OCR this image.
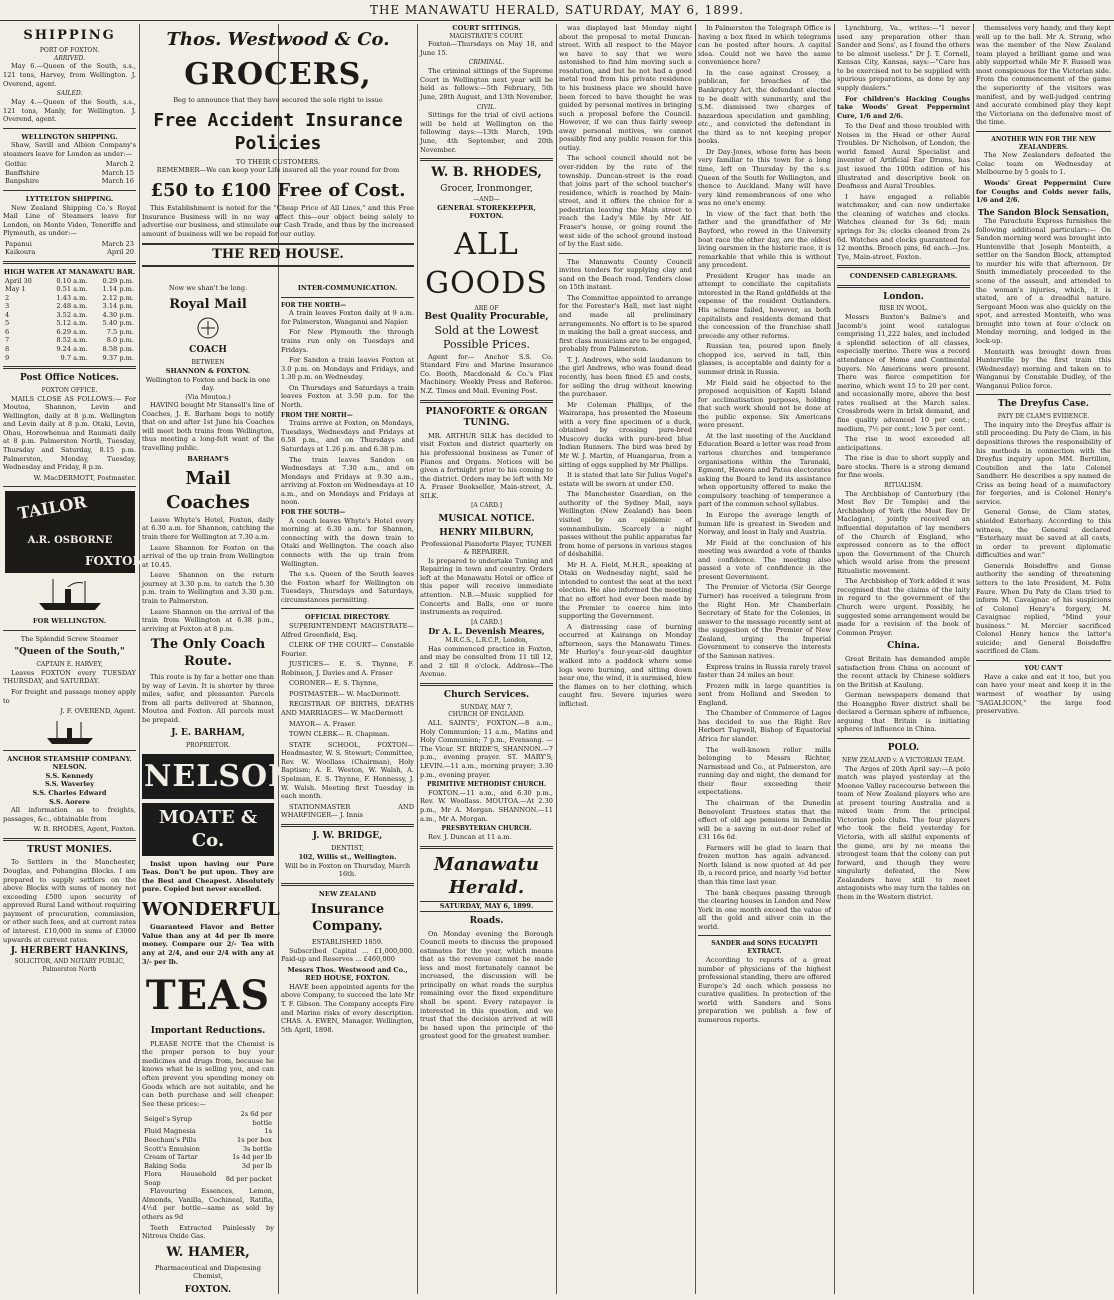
THE MANAWATU HERALD, SATURDAY, MAY 6, 1899.
SHIPPING
PORT OF FOXTON.
ARRIVED.
May 6.—Queen of the South, s.s., 121 tons, Harvey, from Wellington. J. Overend, agent.
SAILED.
May 4.—Queen of the South, s.s., 121 tons, Manly, for Wellington. J. Overend, agent.
WELLINGTON SHIPPING.
Shaw, Savill and Albion Company's steamers leave for London as under:—
Gothic	March 2
Banffshire	March 15
Banpshire	March 16
LYTTELTON SHIPPING.
New Zealand Shipping Co.'s Royal Mail Line of Steamers leave for London, on Monte Video, Teneriffe and Plymouth, as under:—
Papanui	March 23
Kaikoura	April 20
HIGH WATER AT MANAWATU BAR.
April 30	0.10 a.m.	0.29 p.m.
May 1	0.51 a.m.	1.14 p.m.
2	1.43 a.m.	2.12 p.m.
3	2.48 a.m.	3.14 p.m.
4	3.52 a.m.	4.30 p.m.
5	5.12 a.m.	5.40 p.m.
6	6.29 a.m.	7.5 p.m.
7	8.52 a.m.	8.0 p.m.
8	9.24 a.m.	8.58 p.m.
9	9.7 a.m.	9.37 p.m.
Post Office Notices.
FOXTON OFFICE.
MAILS CLOSE AS FOLLOWS:— For Moutoa, Shannon, Levin and Wellington, daily at 8 p.m. Wellington and Levin daily at 8 p.m. Otaki, Levin, Ohau, Horowhenua and Raumati daily at 8 p.m. Palmerston North, Tuesday, Thursday and Saturday, 8.15 p.m. Palmerston, Monday, Tuesday, Wednesday and Friday, 8 p.m.
W. MacDERMOTT, Postmaster.
TAILOR
A.R. OSBORNE
FOXTON
FOR WELLINGTON.
The Splendid Screw Steamer
"Queen of the South,"
CAPTAIN E. HARVEY,
Leaves FOXTON every TUESDAY THURSDAY, and SATURDAY.
For freight and passage money apply to
J. F. OVEREND, Agent.
ANCHOR STEAMSHIP COMPANY.
NELSON.
S.S. Kennedy
S.S. Waverley
S.S. Charles Edward
S.S. Aorere
All information as to freights, passages, &c., obtainable from
W. B. RHODES, Agent, Foxton.
TRUST MONIES.
To Settlers in the Manchester, Douglas, and Pohangina Blocks. I am prepared to supply settlers on the above Blocks with sums of money not exceeding £500 upon security of approved Rural Land without requiring payment of procuration, commission, or other such fees, and at current rates of interest. £10,000 in sums of £3000 upwards at current rates.
J. HERBERT HANKINS,
SOLICITOR, AND NOTARY PUBLIC, Palmerston North
Thos. Westwood & Co.
GROCERS,
Beg to announce that they have secured the sole right to issue
Free Accident Insurance Policies
TO THEIR CUSTOMERS.
REMEMBER—We can keep your Life insured all the year round for from
£50 to £100 Free of Cost.
This Establishment is noted for the "Cheap Price of All Lines," and this Free Insurance Business will in no way affect this—our object being solely to advertise our business, and stimulate our Cash Trade, and thus by the increased amount of business will we be repaid for our outlay.
THE RED HOUSE.
Now we shan't be long.
Royal Mail
COACH
BETWEEN
SHANNON & FOXTON.
Wellington to Foxton and back in one day.
(Via Moutoa.)
HAVING bought Mr Stansell's line of Coaches, J. E. Barham begs to notify that on and after 1st June his Coaches will meet both trains from Wellington, thus meeting a long-felt want of the travelling public.
BARHAM'S
Mail Coaches
Leave Whyte's Hotel, Foxton, daily at 6.30 a.m. for Shannon, catching the train there for Wellington at 7.30 a.m.
Leave Shannon for Foxton on the arrival of the up train from Wellington at 10.45.
Leave Shannon on the return journey at 3.30 p.m. to catch the 5.30 p.m. train to Wellington and 3.30 p.m. train to Palmerston.
Leave Shannon on the arrival of the train from Wellington at 6.38 p.m., arriving at Foxton at 8 p.m.
The Only Coach Route.
This route is by far a better one than by way of Levin. It is shorter by three miles, safer, and pleasanter. Parcels from all parts delivered at Shannon, Moutoa and Foxton. All parcels must be prepaid.
J. E. BARHAM,
PROPRIETOR.
NELSON
MOATE & Co.
Insist upon having our Pure Teas. Don't be put upon. They are the Best and Cheapest. Absolutely pure. Copied but never excelled.
WONDERFUL
Guaranteed Flavor and Better Value than any at 4d per lb more money. Compare our 2/- Tea with any at 2/4, and our 2/4 with any at 3/- per lb.
TEAS
Important Reductions.
PLEASE NOTE that the Chemist is the proper person to buy your medicines and drugs from, because he knows what he is selling you, and can often prevent you spending money on Goods which are not suitable, and he can both purchase and sell cheaper. See these prices:—
Seigel's Syrup	2s 6d per bottle
Fluid Magnesia	1s
Beecham's Pills	1s per box
Scott's Emulsion	3s bottle
Cream of Tartar	1s 4d per lb
Baking Soda	3d per lb
Flora Household Soap	8d per packet
Flavouring Essences, Lemon, Almonds, Vanilla, Cochineal, Ratifia, 4½d per bottle—same as sold by others as 9d
Teeth Extracted Painlessly by Nitrous Oxide Gas.
W. HAMER,
Pharmaceutical and Dispensing Chemist,
FOXTON.
INTER-COMMUNICATION.
FOR THE NORTH—
A train leaves Foxton daily at 9 a.m. for Palmerston, Wanganui and Napier.
For New Plymouth the through trains run only on Tuesdays and Fridays.
For Sandon a train leaves Foxton at 3.0 p.m. on Mondays and Fridays, and 1.30 p.m. on Wednesday.
On Thursdays and Saturdays a train leaves Foxton at 3.50 p.m. for the North.
FROM THE NORTH—
Trains arrive at Foxton, on Mondays, Tuesdays, Wednesdays and Fridays at 6.58 p.m., and on Thursdays and Saturdays at 1.26 p.m. and 6.38 p.m.
The train leaves Sandon on Wednesdays at 7.30 a.m., and on Mondays and Fridays at 9.30 a.m., arriving at Foxton on Wednesdays at 10 a.m., and on Mondays and Fridays at noon.
FOR THE SOUTH—
A coach leaves Whyte's Hotel every morning at 6.30 a.m. for Shannon, connecting with the down train to Otaki and Wellington. The coach also connects with the up train from Wellington.
The s.s. Queen of the South leaves the Foxton wharf for Wellington on Tuesdays, Thursdays and Saturdays, circumstances permitting.
OFFICIAL DIRECTORY.
SUPERINTENDENT MAGISTRATE— Alfred Greenfield, Esq.
CLERK OF THE COURT— Constable Fourier.
JUSTICES— E. S. Thynne, F. Robinson, J. Davies and A. Fraser
CORONER— E. S. Thynne,
POSTMASTER— W. MacDermott.
REGISTRAR OF BIRTHS, DEATHS AND MARRIAGES— W. MacDermott
MAYOR— A. Fraser.
TOWN CLERK— R. Chapman.
STATE SCHOOL, FOXTON— Headmaster, W. S. Stewart; Committee, Rev. W. Woollass (Chairman), Holy Baptism; A. E. Weston, W. Walsh, A. Spelman, E. S. Thynne, F. Hennessy, J. W. Walsh. Meeting first Tuesday in each month.
STATIONMASTER AND WHARFINGER— J. Innis
J. W. BRIDGE,
DENTIST,
102, Willis st., Wellington.
Will be in Foxton on Thursday, March 16th.
NEW ZEALAND
Insurance Company.
ESTABLISHED 1859.
Subscribed Capital ... £1,000,000. Paid-up and Reserves ... £460,000
Messrs Thos. Westwood and Co.,
RED HOUSE, FOXTON.
HAVE been appointed agents for the above Company, to succeed the late Mr T. F. Gibson. The Company accepts Fire and Marine risks of every description. CHAS. A. EWEN, Manager. Wellington, 5th April, 1898.
COURT SITTINGS.
MAGISTRATE'S COURT.
Foxton—Thursdays on May 18, and June 15.
CRIMINAL.
The criminal sittings of the Supreme Court in Wellington next year will be held as follows:—5th February, 5th June, 28th August, and 13th November.
CIVIL.
Sittings for the trial of civil actions will be held at Wellington on the following days:—13th March, 19th June, 4th September, and 20th November.
W. B. RHODES,
Grocer, Ironmonger,
—AND—
GENERAL STOREKEEPER, FOXTON.
ALL GOODS
ARE OF
Best Quality Procurable,
Sold at the Lowest Possible Prices.
Agent for— Anchor S.S. Co. Standard Fire and Marine Insurance Co. Booth, Macdonald & Co.'s Flax Machinery. Weekly Press and Referee. N.Z. Times and Mail. Evening Post.
PIANOFORTE & ORGAN TUNING.
MR. ARTHUR SILK has decided to visit Foxton and district quarterly on his professional business as Tuner of Pianos and Organs. Notices will be given a fortnight prior to his coming to the district. Orders may be left with Mr A. Fraser Bookseller, Main-street, A. SILK.
[A CARD.]
MUSICAL NOTICE.
HENRY MILBURN,
Professional Pianoforte Player, TUNER & REPAIRER.
Is prepared to undertake Tuning and Repairing in town and country. Orders left at the Manawatu Hotel or office of this paper will receive immediate attention. N.B.—Music supplied for Concerts and Balls, one or more instruments as required.
[A CARD.]
Dr A. L. Devenish Meares,
M.R.C.S., L.R.C.P., London,
Has commenced practice in Foxton, and may be consulted from 11 till 12, and 2 till 8 o'clock. Address—The Avenue.
Church Services.
SUNDAY, MAY 7.
CHURCH OF ENGLAND.
ALL SAINTS', FOXTON.—8 a.m., Holy Communion; 11 a.m., Matins and Holy Communion; 7 p.m., Evensong. —The Vicar. ST. BRIDE'S, SHANNON.—7 p.m., evening prayer. ST. MARY'S, LEVIN.—11 a.m., morning prayer; 3.30 p.m., evening prayer.
PRIMITIVE METHODIST CHURCH.
FOXTON.—11 a.m., and 6.30 p.m., Rev. W. Woollass. MOUTOA.—At 2.30 p.m., Mr A. Morgan. SHANNON.—11 a.m., Mr A. Morgan.
PRESBYTERIAN CHURCH.
Rev. J. Duncan at 11 a.m.
Manawatu Herald.
SATURDAY, MAY 6, 1899.
Roads.
On Monday evening the Borough Council meets to discuss the proposed estimates for the year, which means that as the revenue cannot be made less and most fortunately cannot be increased, the discussion will be principally on what roads the surplus remaining over the fixed expenditure shall be spent. Every ratepayer is interested in this question, and we trust that the decision arrived at will be based upon the principle of the greatest good for the greatest number.
was displayed last Monday night about the proposal to metal Duncan-street. With all respect to the Mayor we have to say that we were astonished to find him moving such a resolution, and but he not had a good metal road from his private residence to his business place we should have been forced to have thought he was guided by personal motives in bringing such a proposal before the Council. However, if we can thus fairly sweep away personal motives, we cannot possibly find any public reason for this outlay.
The school council should not be over-ridden by the rate of the township. Duncan-street is the road that joins part of the school teacher's residence, which is reached by Main-street, and it offers the choice for a pedestrian leaving the Main street to reach the Lady's Mile by Mr Alf. Fraser's house, or going round the west side of the school ground instead of by the East side.
The Manawatu County Council invites tenders for supplying clay and sand on the Beach road. Tenders close on 15th instant.
The Committee appointed to arrange for the Forester's Hall, met last night and made all preliminary arrangements. No effort is to be spared in making the ball a great success, and first class musicians are to be engaged, probably from Palmerston.
T. J. Andrews, who sold laudanum to the girl Andrews, who was found dead recently, has been fined £5 and costs, for selling the drug without knowing the purchaser.
Mr Coleman Phillips, of the Wairarapa, has presented the Museum with a very fine specimen of a duck, obtained by crossing pure-bred Muscovy ducks with pure-bred blue Indian Runners. The bird was bred by Mr W. J. Martin, of Huangarua, from a sitting of eggs supplied by Mr Phillips.
It is stated that late Sir Julius Vogel's estate will be sworn at under £50.
The Manchester Guardian, on the authority of the Sydney Mail, says Wellington (New Zealand) has been visited by an epidemic of somnambulism. Scarcely a night passes without the public apparatus far from home of persons in various stages of déshabillé.
Mr H. A. Field, M.H.R., speaking at Otaki on Wednesday night, said he intended to contest the seat at the next election. He also informed the meeting that no effort had ever been made by the Premier to coerce him into supporting the Government.
A distressing case of burning occurred at Kairanga on Monday afternoon, says the Manawatu Times. Mr Hurley's four-year-old daughter walked into a paddock where some logs were burning, and sitting down near one, the wind, it is surmised, blew the flames on to her clothing, which caught fire. Severe injuries were inflicted.
In Palmerston the Telegraph Office is having a box fixed in which telegrams can be posted after hours. A capital idea. Could not we have the same convenience here?
In the case against Crossey, a publican, for breaches of the Bankruptcy Act, the defendant elected to be dealt with summarily, and the S.M. dismissed two charges of hazardous speculation and gambling, etc., and convicted the defendant in the third as to not keeping proper books.
Dr Day-Jones, whose form has been very familiar to this town for a long time, left on Thursday by the s.s. Queen of the South for Wellington, and thence to Auckland. Many will have very kind remembrances of one who was no one's enemy.
In view of the fact that both the father and the grandfather of Mr Bayford, who rowed in the University boat race the other day, are the oldest living oarsmen in the historic race, it is remarkable that while this is without any precedent.
President Kruger has made an attempt to conciliate the capitalists interested in the Rand goldfields at the expense of the resident Outlanders. His scheme failed, however, as both capitalists and residents demand that the concession of the franchise shall precede any other reforms.
Russian tea, poured upon finely chopped ice, served in tall, thin glasses, is acceptable and dainty for a summer drink in Russia.
Mr Field said he objected to the proposed acquisition of Kapiti Island for acclimatisation purposes, holding that such work should not be done at the public expense. Six Americans were present.
At the last meeting of the Auckland Education Board a letter was read from various churches and temperance organisations within the Taranaki, Egmont, Hawera and Patea electorates asking the Board to lend its assistance when opportunity offered to make the compulsory teaching of temperance a part of the common school syllabus.
In Europe the average length of human life is greatest in Sweden and Norway, and least in Italy and Austria.
Mr Field at the conclusion of his meeting was awarded a vote of thanks and confidence. The meeting also passed a vote of confidence in the present Government.
The Premier of Victoria (Sir George Turner) has received a telegram from the Right Hon. Mr Chamberlain Secretary of State for the Colonies, in answer to the message recently sent at the suggestion of the Premier of New Zealand, urging the Imperial Government to conserve the interests of the Samoan natives.
Express trains in Russia rarely travel faster than 24 miles an hour.
Frozen milk in large quantities is sent from Holland and Sweden to England.
The Chamber of Commerce of Lagos has decided to sue the Right Rev Herbert Tugwell, Bishop of Equatorial Africa for slander.
The well-known roller mills belonging to Messrs Richter, Narmstead and Co., at Palmerston, are running day and night, the demand for their flour exceeding their expectations.
The chairman of the Dunedin Benevolent Trustees states that the effect of old age pensions in Dunedin will be a saving in out-door relief of £31 16s 6d.
Farmers will be glad to learn that frozen mutton has again advanced. North Island is now quoted at 4d per lb, a record price, and nearly ½d better than this time last year.
The bank cheques passing through the clearing houses in London and New York in one month exceed the value of all the gold and silver coin in the world.
SANDER and SONS EUCALYPTI EXTRACT.
According to reports of a great number of physicians of the highest professional standing, there are offered Europe's 2d each which possess no curative qualities. In protection of the world with Sanders and Sons preparation we publish a few of numerous reports.
Lynchburg, Va., writes:—"I never used any preparation other than Sander and Sons', as I found the others to be almost useless." Dr J. T. Cornell, Kansas City, Kansas, says:—"Care has to be exercised not to be supplied with spurious preparations, as done by any supply dealers."
For children's Hacking Coughs take Woods' Great Peppermint Cure, 1/6 and 2/6.
To the Deaf and those troubled with Noises in the Head or other Aural Troubles. Dr Nicholson, of London, the world famed Aural Specialist and inventor of Artificial Ear Drums, has just issued the 100th edition of his illustrated and descriptive book on Deafness and Aural Troubles.
I have engaged a reliable watchmaker, and can now undertake the cleaning of watches and clocks. Watches cleaned for 3s 6d; main springs for 3s; clocks cleaned from 2s 6d. Watches and clocks guaranteed for 12 months. Brooch pins, 6d each.—Jos. Tye, Main-street, Foxton.
CONDENSED CABLEGRAMS.
London.
RISE IN WOOL.
Messrs Buxton's Balme's and Jacomb's joint wool catalogue comprising 11,222 bales, and included a splendid selection of all classes, especially merino. There was a record attendance of Home and Continental buyers. No Americans were present. There was fierce competition for merino, which went 15 to 20 per cent. and occasionally more, above the best rates realised at the March sales. Crossbreds were in brisk demand, and fine quality advanced 10 per cent.; medium, 7½ per cent.; low 5 per cent.
The rise in wool exceeded all anticipations.
The rise is due to short supply and bare stocks. There is a strong demand for fine wools.
RITUALISM.
The Archbishop of Canterbury (the Most Rev Dr Temple) and the Archbishop of York (the Most Rev Dr Maclagan), jointly received an influential deputation of lay members of the Church of England, who expressed concern as to the effect upon the Government of the Church which would arise from the present Ritualistic movement.
The Archbishop of York added it was recognised that the claims of the laity in regard to the government of the Church were urgent. Possibly, he suggested some arrangement would be made for a revision of the book of Common Prayer.
China.
Great Britain has demanded ample satisfaction from China on account of the recent attack by Chinese soldiers on the British at Kaulung.
German newspapers demand that the Hoangpho River district shall be declared a German sphere of influence, arguing that Britain is initiating spheres of influence in China.
POLO.
NEW ZEALAND v. A VICTORIAN TEAM.
The Argos of 20th April say:—A polo match was played yesterday at the Moonee Valley racecourse between the team of New Zealand players who are at present touring Australia and a mixed team from the principal Victorian polo clubs. The four players who took the field yesterday for Victoria, with all skilful exponents of the game, are by no means the strongest team that the colony can put forward, and though they were singularly defeated, the New Zealanders have still to meet antagonists who may turn the tables on them in the Western district.
themselves very handy, and they kept well up to the ball. Mr A. Strang, who was the member of the New Zealand team played a brilliant game and was ably supported while Mr F. Russell was most conspicuous for the Victorian side. From the commencement of the game the superiority of the visitors was manifest, and by well-judged centring and accurate combined play they kept the Victorians on the defensive most of the time.
ANOTHER WIN FOR THE NEW ZEALANDERS.
The New Zealanders defeated the Colac team on Wednesday at Melbourne by 5 goals to 1.
Woods' Great Peppermint Cure for Coughs and Colds never fails, 1/6 and 2/6.
The Sandon Block Sensation,
The Parachute Express furnishes the following additional particulars:— On Sandon morning word was brought into Huntenville that Joseph Monteith, a settler on the Sandon Block, attempted to murder his wife that afternoon. Dr Smith immediately proceeded to the scene of the assault, and attended to the woman's injuries, which, it is stated, are of a dreadful nature. Sergeant Moon was also quickly on the spot, and arrested Monteith, who was brought into town at four o'clock on Monday morning, and lodged in the lock-up.
Monteith was brought down from Hunterville by the first train this (Wednesday) morning and taken on to Wanganui by Constable Dudley, of the Wanganui Police force.
The Dreyfus Case.
PATY DE CLAM'S EVIDENCE.
The inquiry into the Dreyfus affair is still proceeding. Du Paty de Clam, in his depositions throws the responsibility of his methods in connection with the Dreyfus inquiry upon MM. Bertillon, Coutellon and the late Colonel Sandherr. He describes a spy named de Criss as being head of a manufactory for forgeries, and is Colonel Henry's service.
General Gonse, de Clam states, shielded Esterhazy. According to this witness, the General declared "Esterhazy must be saved at all costs, in order to prevent diplomatic difficulties and war."
Generals Boisdeffre and Gonse authority the sending of threatening letters to the late President, M. Felix Faure. When Du Paty de Clam tried to inform M. Cavaignac of his suspicions of Colonel Henry's forgery, M. Cavaignac replied, "Mind your business." M. Mercier sacrificed Colonel Henry hence the latter's suicide; and General Boisdeffre sacrificed de Clam.
YOU CAN'T
Have a cake and eat it too, but you can have your meat and keep it in the warmest of weather by using "SAGALICON," the large food preservative.
